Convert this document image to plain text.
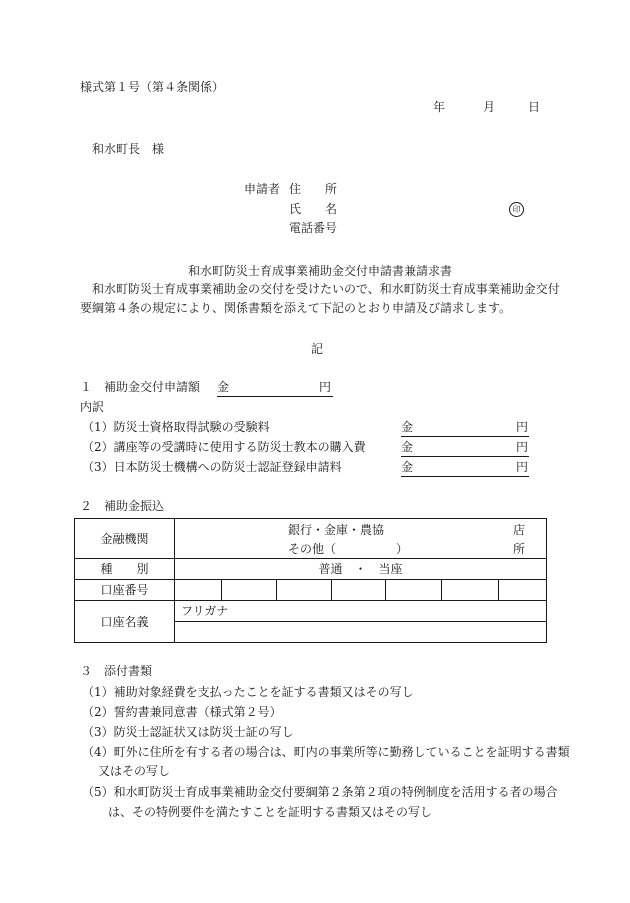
様式第１号（第４条関係）
年	月	日
和水町長　様
申請者 住　　所
氏　　名	印
電話番号
和水町防災士育成事業補助金交付申請書兼請求書
和水町防災士育成事業補助金の交付を受けたいので、和水町防災士育成事業補助金交付
要綱第４条の規定により、関係書類を添えて下記のとおり申請及び請求します。
記
１　補助金交付申請額 金	円
内訳
（1）防災士資格取得試験の受験料	金	円
（2）講座等の受講時に使用する防災士教本の購入費	金	円
（3）日本防災士機構への防災士認証登録申請料	金	円
２　補助金振込
金融機関	銀行・金庫・農協 店
その他（　　　　　） 所						

種　　別	普通　・　当座						
口座番号							
口座名義	フリガナ						

３　添付書類
（1）補助対象経費を支払ったことを証する書類又はその写し
（2）誓約書兼同意書（様式第２号）
（3）防災士認証状又は防災士証の写し
（4）町外に住所を有する者の場合は、町内の事業所等に勤務していることを証明する書類
又はその写し
（5）和水町防災士育成事業補助金交付要綱第２条第２項の特例制度を活用する者の場合
は、その特例要件を満たすことを証明する書類又はその写し
